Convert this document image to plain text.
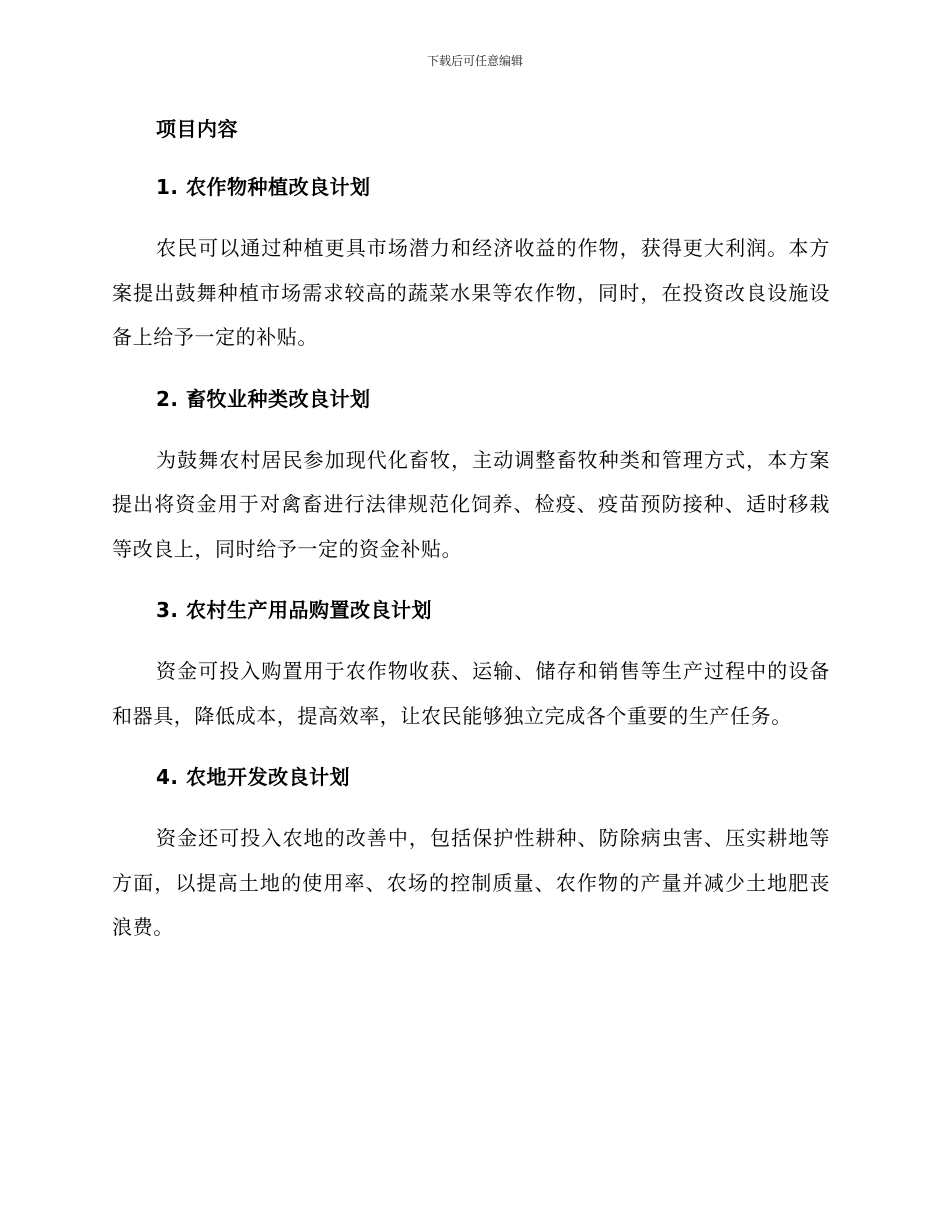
下载后可任意编辑
项目内容
1. 农作物种植改良计划

农民可以通过种植更具市场潜力和经济收益的作物，获得更大利润。本方案提出鼓舞种植市场需求较高的蔬菜水果等农作物，同时，在投资改良设施设备上给予一定的补贴。

2. 畜牧业种类改良计划

为鼓舞农村居民参加现代化畜牧，主动调整畜牧种类和管理方式，本方案提出将资金用于对禽畜进行法律规范化饲养、检疫、疫苗预防接种、适时移栽等改良上，同时给予一定的资金补贴。

3. 农村生产用品购置改良计划

资金可投入购置用于农作物收获、运输、储存和销售等生产过程中的设备和器具，降低成本，提高效率，让农民能够独立完成各个重要的生产任务。

4. 农地开发改良计划

资金还可投入农地的改善中，包括保护性耕种、防除病虫害、压实耕地等方面，以提高土地的使用率、农场的控制质量、农作物的产量并减少土地肥丧浪费。
